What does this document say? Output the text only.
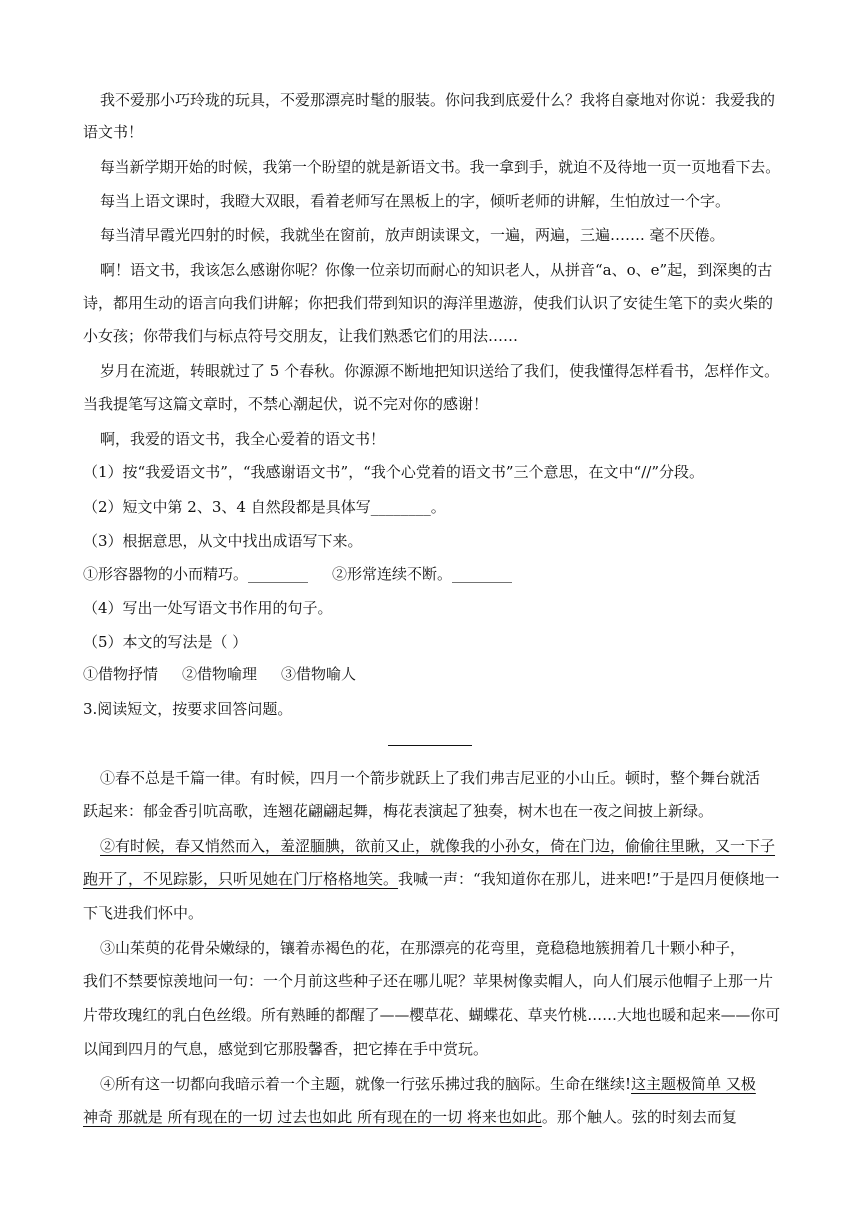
我不爱那小巧玲珑的玩具，不爱那漂亮时髦的服装。你问我到底爱什么？我将自豪地对你说：我爱我的
语文书！
每当新学期开始的时候，我第一个盼望的就是新语文书。我一拿到手，就迫不及待地一页一页地看下去。
每当上语文课时，我瞪大双眼，看着老师写在黑板上的字，倾听老师的讲解，生怕放过一个字。
每当清早霞光四射的时候，我就坐在窗前，放声朗读课文，一遍，两遍，三遍……. 毫不厌倦。
啊！语文书，我该怎么感谢你呢？你像一位亲切而耐心的知识老人，从拼音“a、o、e”起，到深奥的古
诗，都用生动的语言向我们讲解；你把我们带到知识的海洋里遨游，使我们认识了安徒生笔下的卖火柴的
小女孩；你带我们与标点符号交朋友，让我们熟悉它们的用法……
岁月在流逝，转眼就过了 5 个春秋。你源源不断地把知识送给了我们，使我懂得怎样看书，怎样作文。
当我提笔写这篇文章时，不禁心潮起伏，说不完对你的感谢！
啊，我爱的语文书，我全心爱着的语文书！
（1）按“我爱语文书”，“我感谢语文书”，“我个心党着的语文书”三个意思，在文中“//”分段。
（2）短文中第 2、3、4 自然段都是具体写________。
（3）根据意思，从文中找出成语写下来。
①形容器物的小而精巧。________ ②形常连续不断。________
（4）写出一处写语文书作用的句子。
（5）本文的写法是（ ）
①借物抒情 ②借物喻理 ③借物喻人
3.阅读短文，按要求回答问题。
①春不总是千篇一律。有时候，四月一个箭步就跃上了我们弗吉尼亚的小山丘。顿时，整个舞台就活
跃起来：郁金香引吭高歌，连翘花翩翩起舞，梅花表演起了独奏，树木也在一夜之间披上新绿。
②有时候，春又悄然而入，羞涩腼腆，欲前又止，就像我的小孙女，倚在门边，偷偷往里瞅，又一下子
跑开了，不见踪影，只听见她在门厅格格地笑。我喊一声：“我知道你在那儿，进来吧!”于是四月便倏地一
下飞进我们怀中。
③山茱萸的花骨朵嫩绿的，镶着赤褐色的花，在那漂亮的花弯里，竟稳稳地簇拥着几十颗小种子，
我们不禁要惊羡地问一句：一个月前这些种子还在哪儿呢？苹果树像卖帽人，向人们展示他帽子上那一片
片带玫瑰红的乳白色丝缎。所有熟睡的都醒了——樱草花、蝴蝶花、草夹竹桃……大地也暖和起来——你可
以闻到四月的气息，感觉到它那股馨香，把它捧在手中赏玩。
④所有这一切都向我暗示着一个主题，就像一行弦乐拂过我的脑际。生命在继续!这主题极简单 又极
神奇 那就是 所有现在的一切 过去也如此 所有现在的一切 将来也如此。那个触人。弦的时刻去而复
